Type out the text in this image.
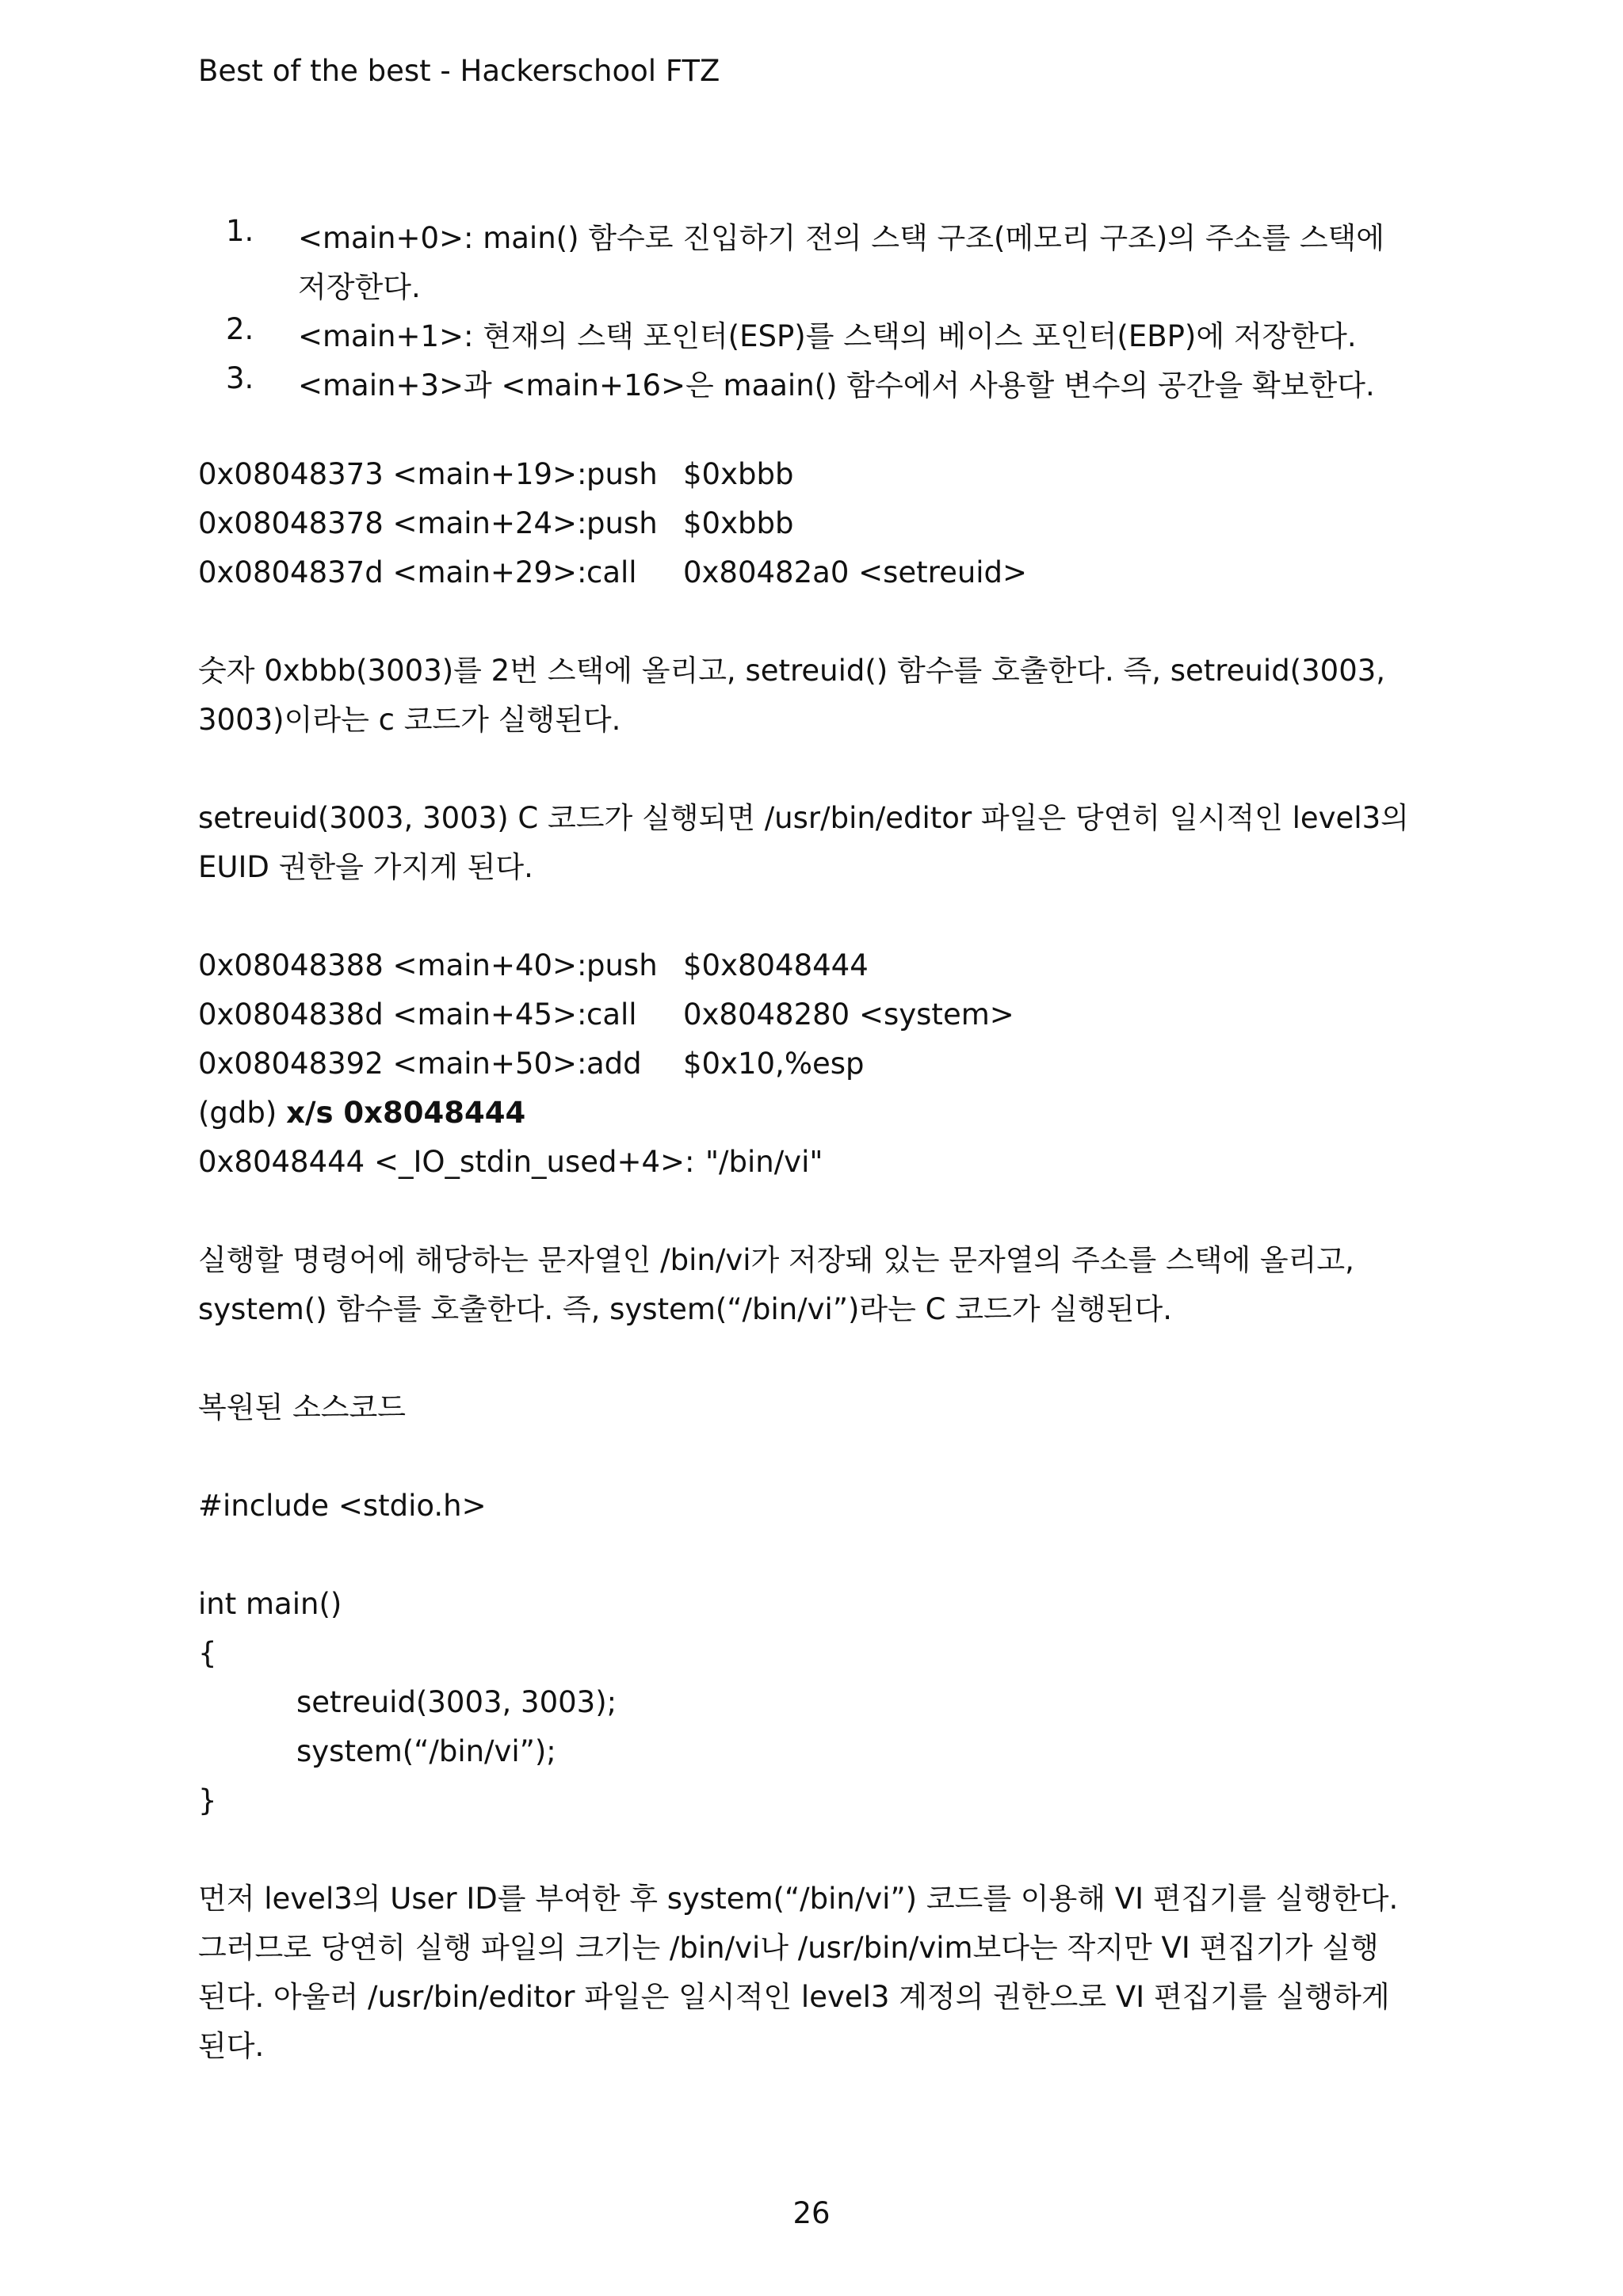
Best of the best - Hackerschool FTZ

1. <main+0>: main() 함수로 진입하기 전의 스택 구조(메모리 구조)의 주소를 스택에
저장한다.
2. <main+1>: 현재의 스택 포인터(ESP)를 스택의 베이스 포인터(EBP)에 저장한다.
3. <main+3>과 <main+16>은 maain() 함수에서 사용할 변수의 공간을 확보한다.
0x08048373 <main+19>:push $0xbbb
0x08048378 <main+24>:push $0xbbb
0x0804837d <main+29>:call 0x80482a0 <setreuid>

숫자 0xbbb(3003)를 2번 스택에 올리고, setreuid() 함수를 호출한다. 즉, setreuid(3003,

3003)이라는 c 코드가 실행된다.

setreuid(3003, 3003) C 코드가 실행되면 /usr/bin/editor 파일은 당연히 일시적인 level3의

EUID 권한을 가지게 된다.

0x08048388 <main+40>:push $0x8048444
0x0804838d <main+45>:call 0x8048280 <system>
0x08048392 <main+50>:add $0x10,%esp
(gdb) x/s 0x8048444
0x8048444 <_IO_stdin_used+4>: "/bin/vi"

실행할 명령어에 해당하는 문자열인 /bin/vi가 저장돼 있는 문자열의 주소를 스택에 올리고,

system() 함수를 호출한다. 즉, system(“/bin/vi”)라는 C 코드가 실행된다.

복원된 소스코드

#include <stdio.h>

int main()

{

setreuid(3003, 3003);

system(“/bin/vi”);

}

먼저 level3의 User ID를 부여한 후 system(“/bin/vi”) 코드를 이용해 VI 편집기를 실행한다.

그러므로 당연히 실행 파일의 크기는 /bin/vi나 /usr/bin/vim보다는 작지만 VI 편집기가 실행

된다. 아울러 /usr/bin/editor 파일은 일시적인 level3 계정의 권한으로 VI 편집기를 실행하게

된다.

26
